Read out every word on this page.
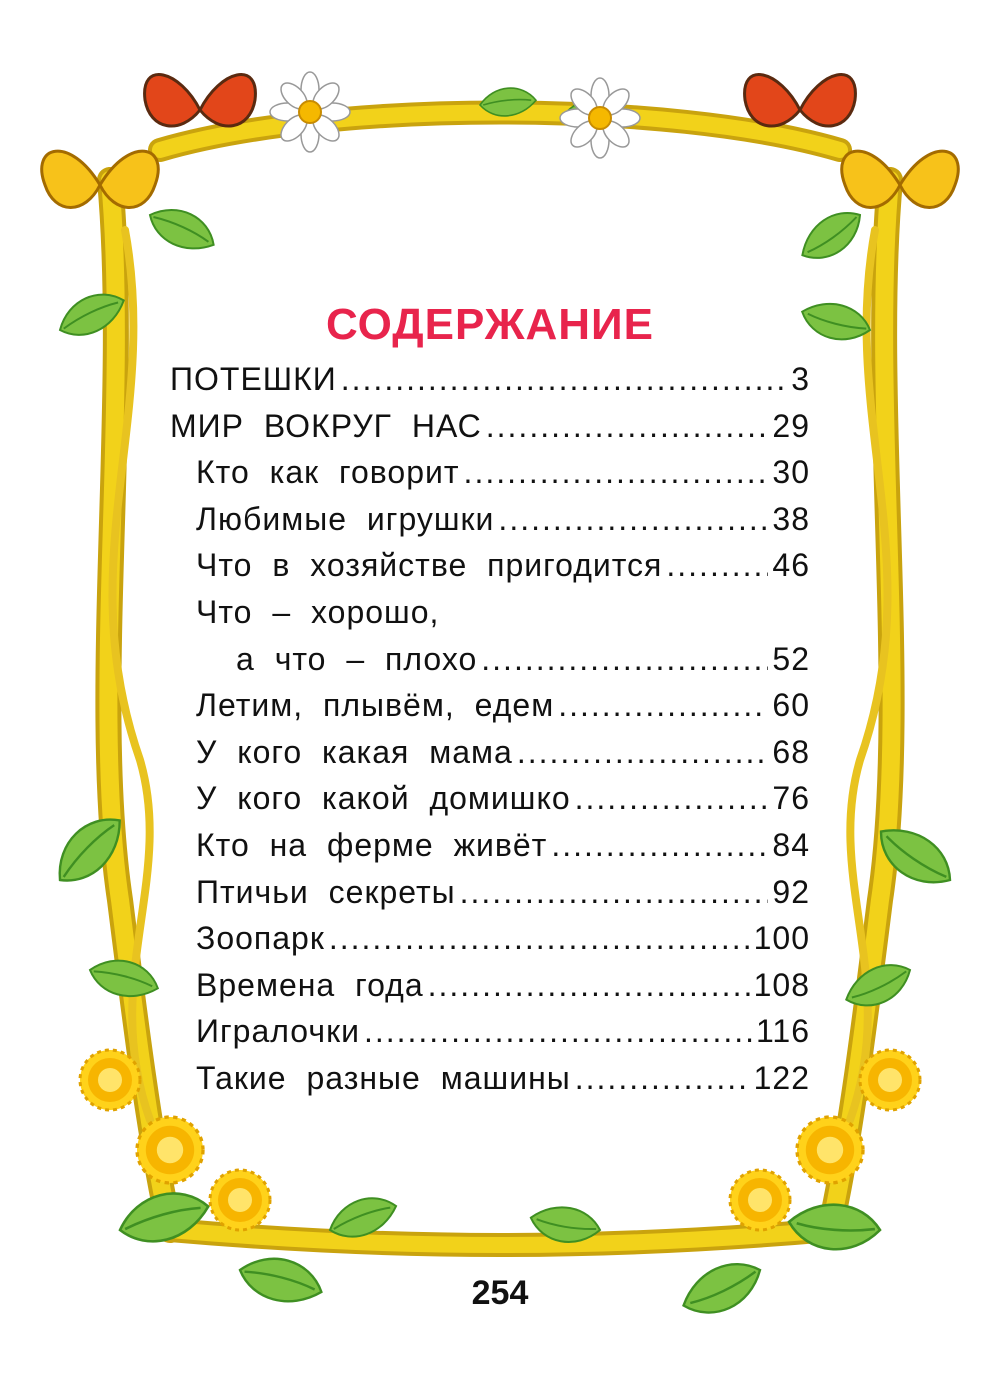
СОДЕРЖАНИЕ
ПОТЕШКИ .....	3
МИР ВОКРУГ НАС .....	29
Кто как говорит .....	30
Любимые игрушки .....	38
Что в хозяйстве пригодится .....	46
Что – хорошо,
а что – плохо .....	52
Летим, плывём, едем .....	60
У кого какая мама .....	68
У кого какой домишко .....	76
Кто на ферме живёт .....	84
Птичьи секреты .....	92
Зоопарк .....	100
Времена года .....	108
Игралочки .....	116
Такие разные машины .....	122
254
